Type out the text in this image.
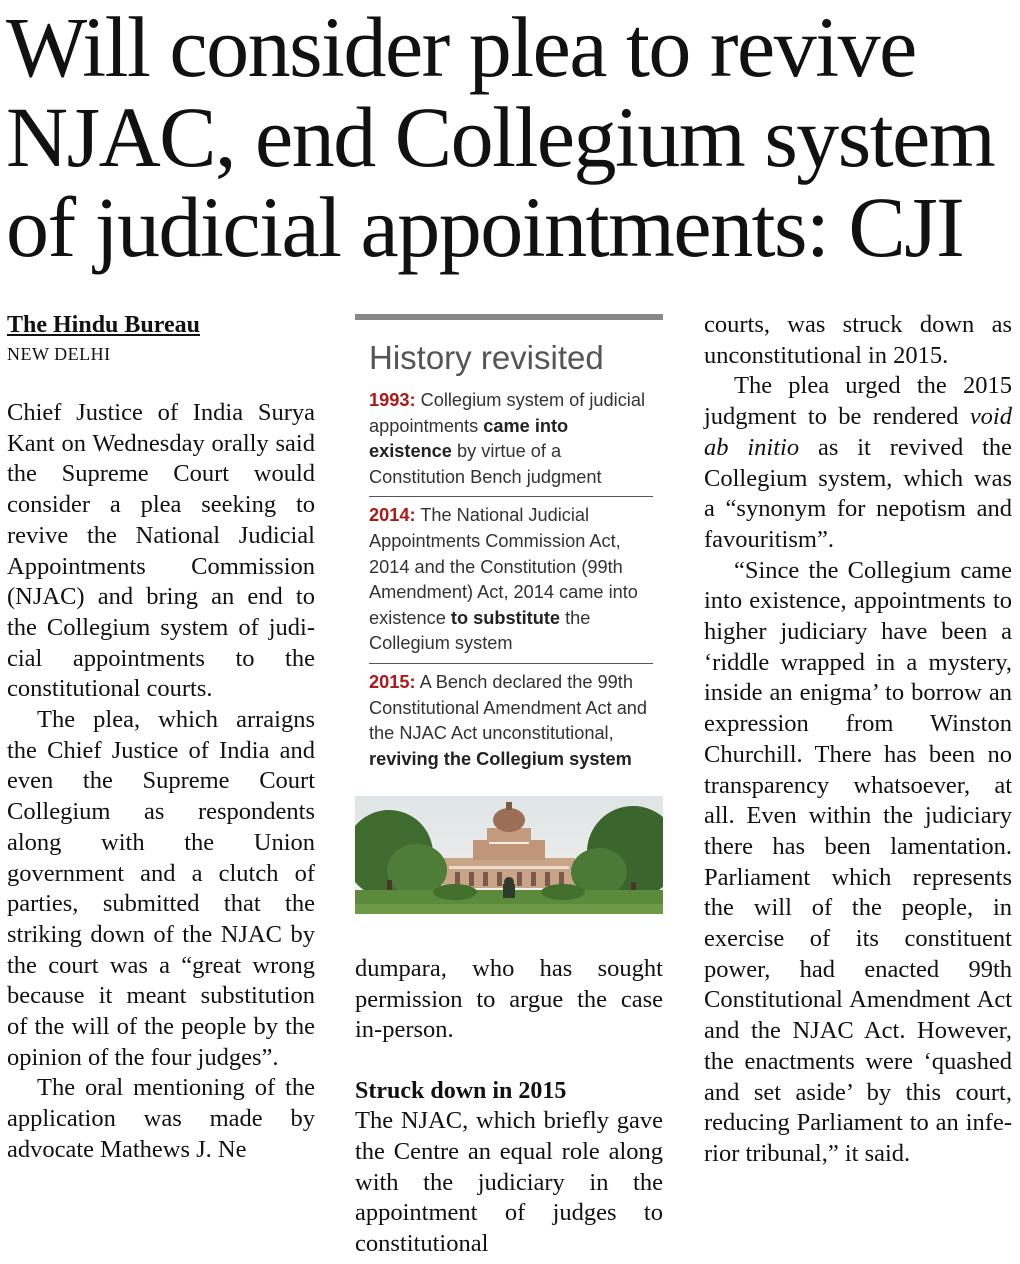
Will consider plea to revive
NJAC, end Collegium system
of judicial appointments: CJI
The Hindu Bureau
NEW DELHI

Chief Justice of India Surya Kant on Wednesday orally said the Supreme Court would consider a plea seeking to revive the National Judicial Appointments Commission (NJAC) and bring an end to the Collegium system of judicial appointments to the constitutional courts.

The plea, which arraigns the Chief Justice of India and even the Supreme Court Collegium as respondents along with the Union government and a clutch of parties, submitted that the striking down of the NJAC by the court was a “great wrong because it meant substitution of the will of the people by the opinion of the four judges”.

The oral mentioning of the application was made by advocate Mathews J. Ne

History revisited
1993: Collegium system of judicial appointments came into existence by virtue of a Constitution Bench judgment
2014: The National Judicial Appointments Commission Act, 2014 and the Constitution (99th Amendment) Act, 2014 came into existence to substitute the Collegium system
2015: A Bench declared the 99th Constitutional Amendment Act and the NJAC Act unconstitutional, reviving the Collegium system

dumpara, who has sought permission to argue the case in-person.

Struck down in 2015

The NJAC, which briefly gave the Centre an equal role along with the judiciary in the appointment of judges to constitutional

courts, was struck down as unconstitutional in 2015.

The plea urged the 2015 judgment to be rendered void ab initio as it revived the Collegium system, which was a “synonym for nepotism and favouritism”.

“Since the Collegium came into existence, appointments to higher judiciary have been a ‘riddle wrapped in a mystery, inside an enigma’ to borrow an expression from Winston Churchill. There has been no transparency whatsoever, at all. Even within the judiciary there has been lamentation. Parliament which represents the will of the people, in exercise of its constituent power, had enacted 99th Constitutional Amendment Act and the NJAC Act. However, the enactments were ‘quashed and set aside’ by this court, reducing Parliament to an inferior tribunal,” it said.
